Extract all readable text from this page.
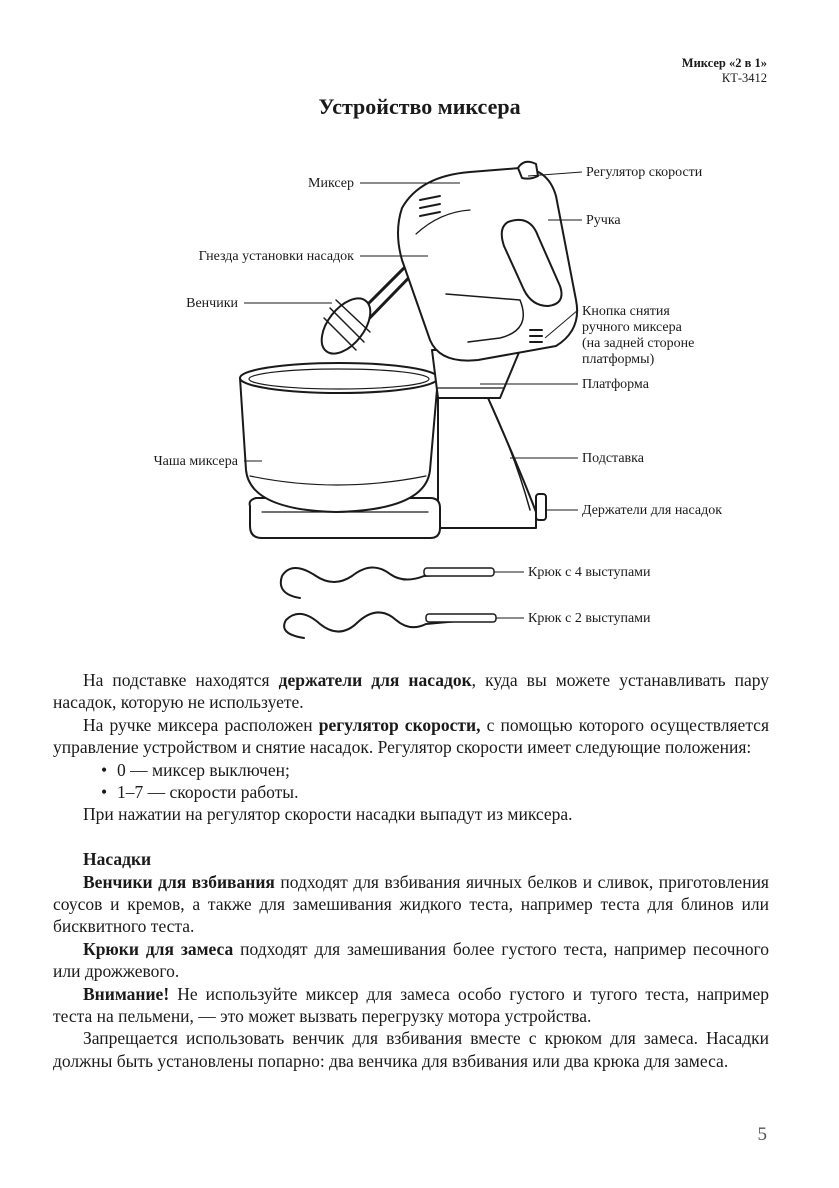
Миксер «2 в 1»
КТ-3412
Устройство миксера
Миксер
Гнезда установки насадок
Венчики
Чаша миксера
Регулятор скорости
Ручка
Кнопка снятия
ручного миксера
(на задней стороне
платформы)
Платформа
Подставка
Держатели для насадок
Крюк с 4 выступами
Крюк с 2 выступами

На подставке находятся держатели для насадок, куда вы можете устанавливать пару насадок, которую не используете.

На ручке миксера расположен регулятор скорости, с помощью которого осуществляется управление устройством и снятие насадок. Регулятор скорости имеет следующие положения:

• 0 — миксер выключен;
• 1–7 — скорости работы.

При нажатии на регулятор скорости насадки выпадут из миксера.

Насадки

Венчики для взбивания подходят для взбивания яичных белков и сливок, приготовления соусов и кремов, а также для замешивания жидкого теста, например теста для блинов или бисквитного теста.

Крюки для замеса подходят для замешивания более густого теста, например песочного или дрожжевого.

Внимание! Не используйте миксер для замеса особо густого и тугого теста, например теста на пельмени, — это может вызвать перегрузку мотора устройства.

Запрещается использовать венчик для взбивания вместе с крюком для замеса. Насадки должны быть установлены попарно: два венчика для взбивания или два крюка для замеса.

5
